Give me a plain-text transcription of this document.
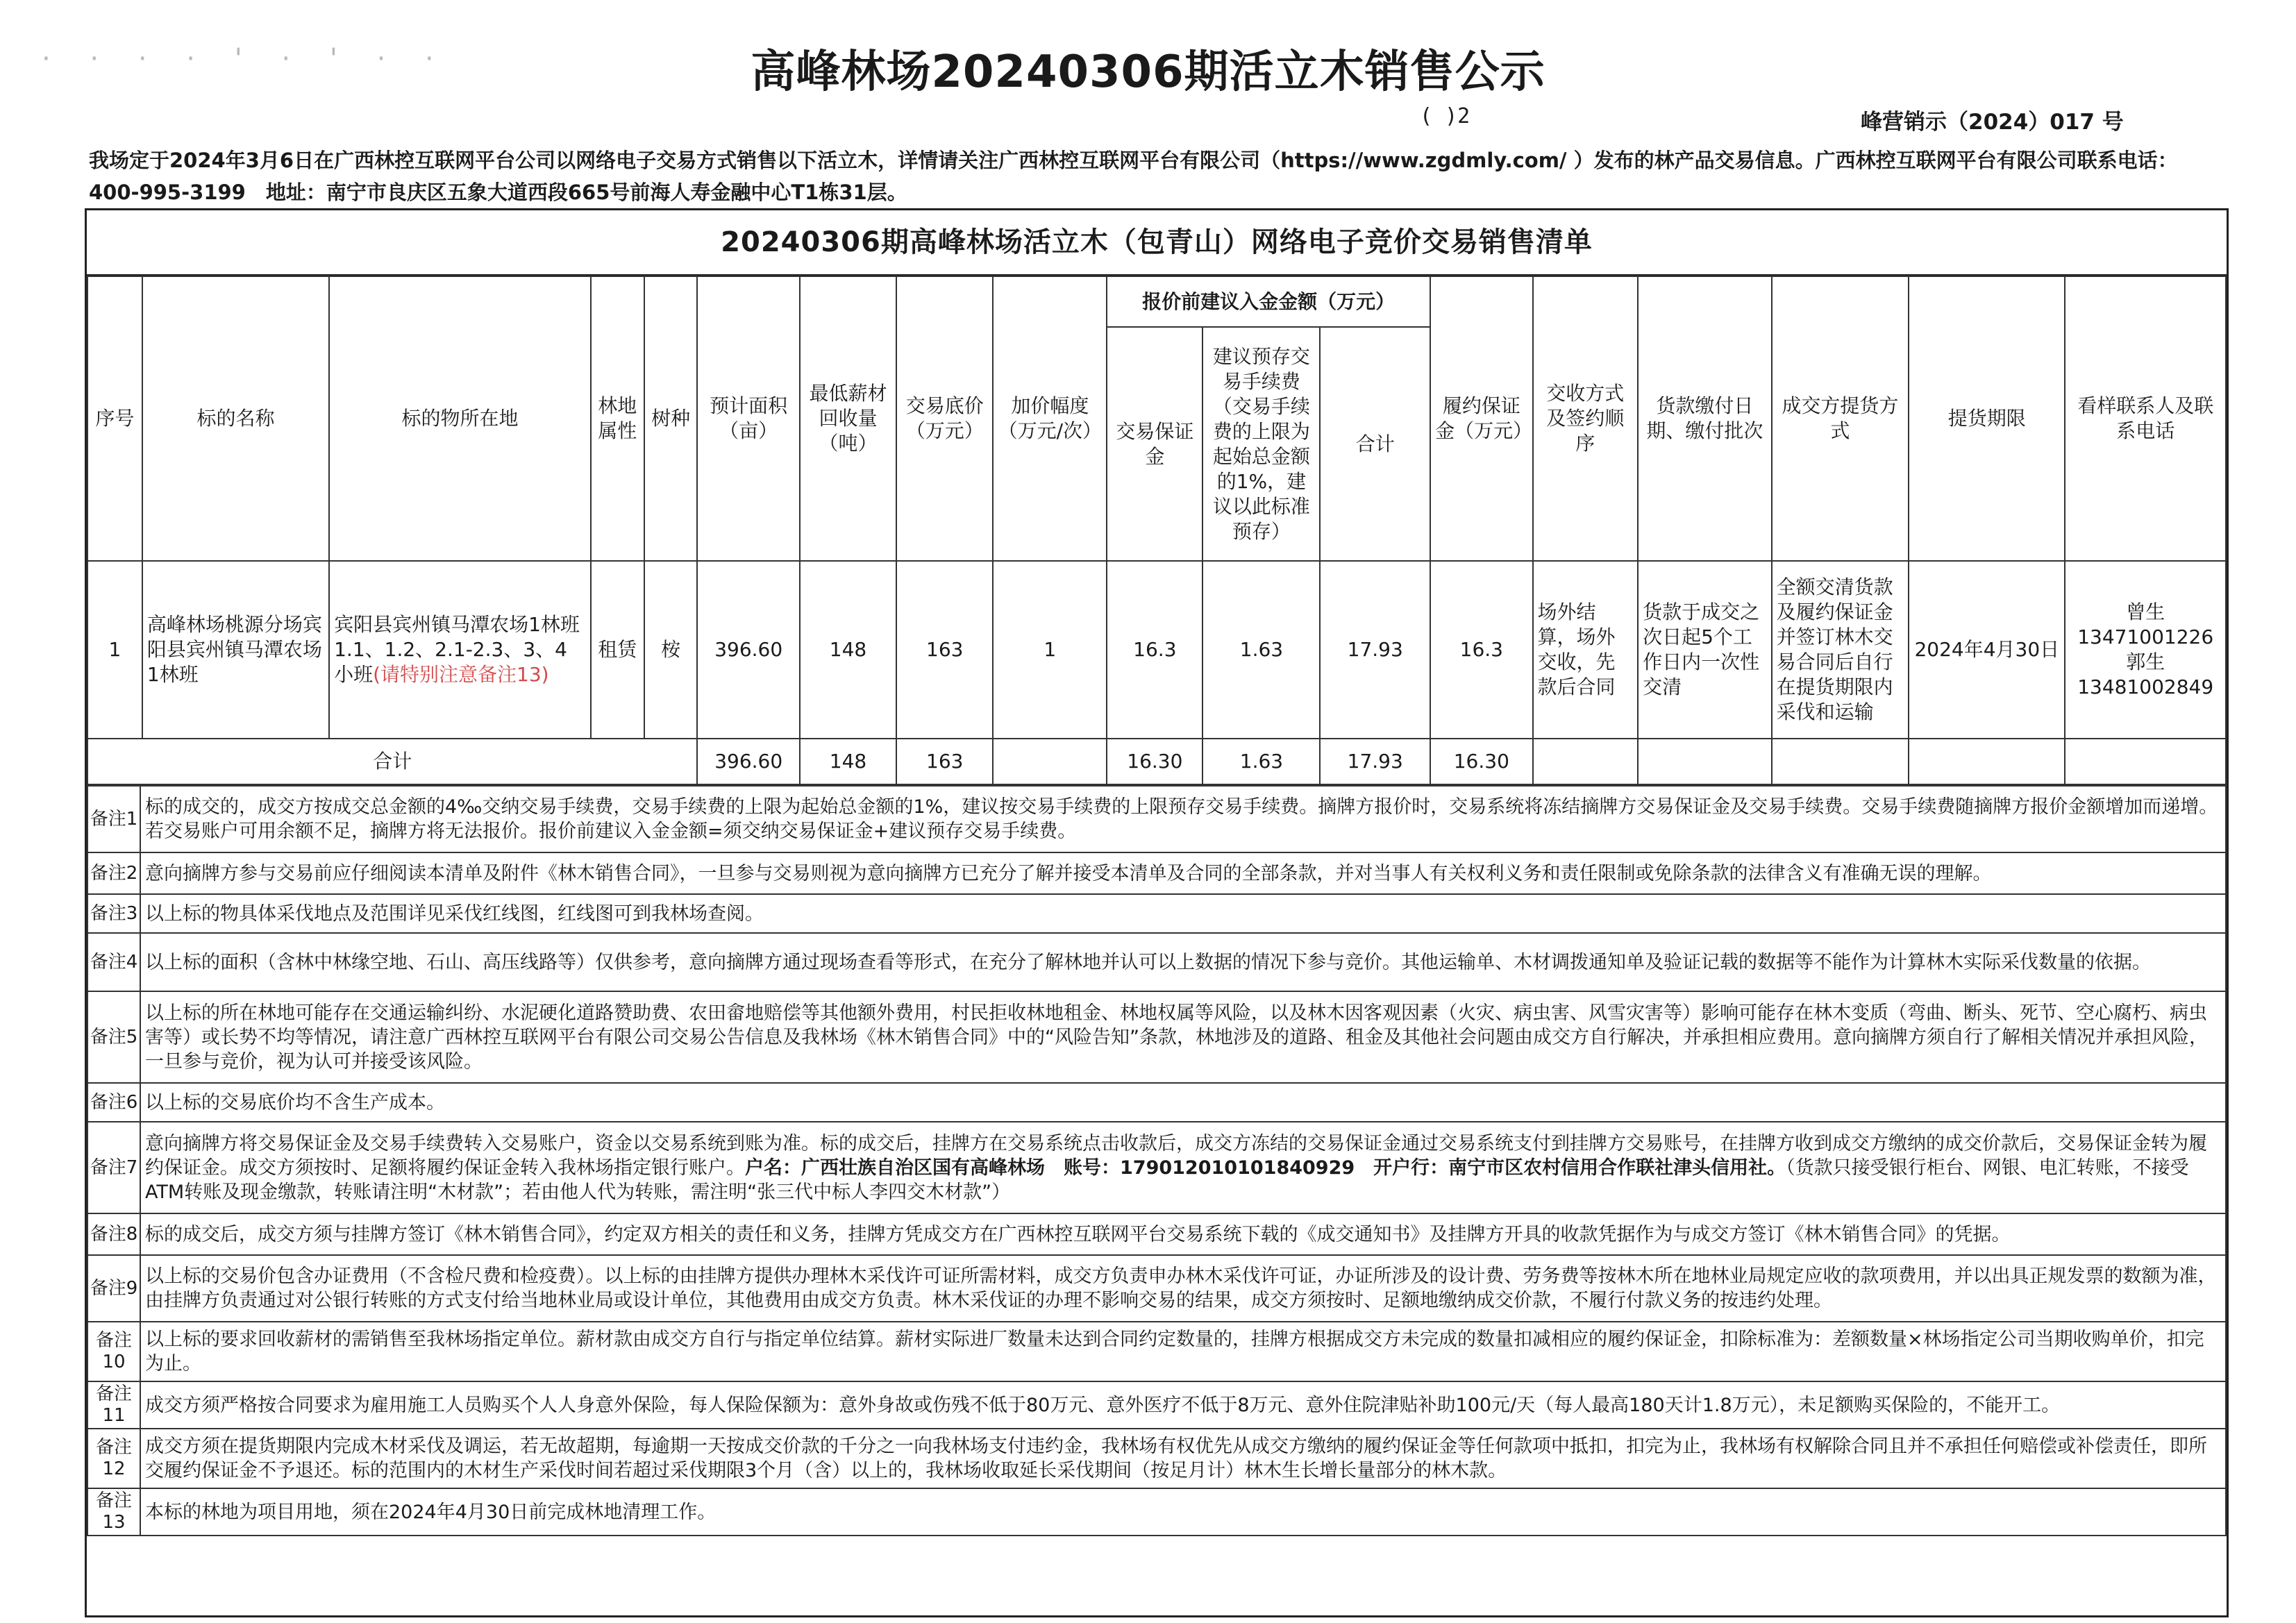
· · · · ' · ' · ·	高峰林场20240306期活立木销售公示
( )2	峰营销示（2024）017 号
我场定于2024年3月6日在广西林控互联网平台公司以网络电子交易方式销售以下活立木，详情请关注广西林控互联网平台有限公司（https://www.zgdmly.com/ ）发布的林产品交易信息。广西林控互联网平台有限公司联系电话：400-995-3199　地址：南宁市良庆区五象大道西段665号前海人寿金融中心T1栋31层。
20240306期高峰林场活立木（包青山）网络电子竞价交易销售清单
序号	标的名称	标的物所在地	林地属性	树种	预计面积（亩）	最低薪材回收量（吨）	交易底价（万元）	加价幅度（万元/次）	报价前建议入金金额（万元）			履约保证金（万元）	交收方式及签约顺序	货款缴付日期、缴付批次	成交方提货方式	提货期限	看样联系人及联系电话
									交易保证金	建议预存交易手续费（交易手续费的上限为起始总金额的1%，建议以此标准预存）	合计						
1	高峰林场桃源分场宾阳县宾州镇马潭农场1林班	宾阳县宾州镇马潭农场1林班1.1、1.2、2.1-2.3、3、4小班(请特别注意备注13)	租赁	桉	396.60	148	163	1	16.3	1.63	17.93	16.3	场外结算，场外交收，先款后合同	货款于成交之次日起5个工作日内一次性交清	全额交清货款及履约保证金并签订林木交易合同后自行在提货期限内采伐和运输	2024年4月30日	曾生
13471001226
郭生
13481002849

合计					396.60	148	163		16.30	1.63	17.93	16.30					
备注1	标的成交的，成交方按成交总金额的4‰交纳交易手续费，交易手续费的上限为起始总金额的1%，建议按交易手续费的上限预存交易手续费。摘牌方报价时，交易系统将冻结摘牌方交易保证金及交易手续费。交易手续费随摘牌方报价金额增加而递增。若交易账户可用余额不足，摘牌方将无法报价。报价前建议入金金额=须交纳交易保证金+建议预存交易手续费。
备注2	意向摘牌方参与交易前应仔细阅读本清单及附件《林木销售合同》，一旦参与交易则视为意向摘牌方已充分了解并接受本清单及合同的全部条款，并对当事人有关权利义务和责任限制或免除条款的法律含义有准确无误的理解。
备注3	以上标的物具体采伐地点及范围详见采伐红线图，红线图可到我林场查阅。
备注4	以上标的面积（含林中林缘空地、石山、高压线路等）仅供参考，意向摘牌方通过现场查看等形式，在充分了解林地并认可以上数据的情况下参与竞价。其他运输单、木材调拨通知单及验证记载的数据等不能作为计算林木实际采伐数量的依据。
备注5	以上标的所在林地可能存在交通运输纠纷、水泥硬化道路赞助费、农田畲地赔偿等其他额外费用，村民拒收林地租金、林地权属等风险，以及林木因客观因素（火灾、病虫害、风雪灾害等）影响可能存在林木变质（弯曲、断头、死节、空心腐朽、病虫害等）或长势不均等情况，请注意广西林控互联网平台有限公司交易公告信息及我林场《林木销售合同》中的“风险告知”条款，林地涉及的道路、租金及其他社会问题由成交方自行解决，并承担相应费用。意向摘牌方须自行了解相关情况并承担风险，一旦参与竞价，视为认可并接受该风险。
备注6	以上标的交易底价均不含生产成本。
备注7	意向摘牌方将交易保证金及交易手续费转入交易账户，资金以交易系统到账为准。标的成交后，挂牌方在交易系统点击收款后，成交方冻结的交易保证金通过交易系统支付到挂牌方交易账号，在挂牌方收到成交方缴纳的成交价款后，交易保证金转为履约保证金。成交方须按时、足额将履约保证金转入我林场指定银行账户。户名：广西壮族自治区国有高峰林场　账号：17901201010184092​9　开户行：南宁市区农村信用合作联社津头信用社。（货款只接受银行柜台、网银、电汇转账，不接受ATM转账及现金缴款，转账请注明“木材款”；若由他人代为转账，需注明“张三代中标人李四交木材款”）
备注8	标的成交后，成交方须与挂牌方签订《林木销售合同》，约定双方相关的责任和义务，挂牌方凭成交方在广西林控互联网平台交易系统下载的《成交通知书》及挂牌方开具的收款凭据作为与成交方签订《林木销售合同》的凭据。
备注9	以上标的交易价包含办证费用（不含检尺费和检疫费）。以上标的由挂牌方提供办理林木采伐许可证所需材料，成交方负责申办林木采伐许可证，办证所涉及的设计费、劳务费等按林木所在地林业局规定应收的款项费用，并以出具正规发票的数额为准，由挂牌方负责通过对公银行转账的方式支付给当地林业局或设计单位，其他费用由成交方负责。林木采伐证的办理不影响交易的结果，成交方须按时、足额地缴纳成交价款，不履行付款义务的按违约处理。
备注10	以上标的要求回收薪材的需销售至我林场指定单位。薪材款由成交方自行与指定单位结算。薪材实际进厂数量未达到合同约定数量的，挂牌方根据成交方未完成的数量扣减相应的履约保证金，扣除标准为：差额数量×林场指定公司当期收购单价，扣完为止。
备注11	成交方须严格按合同要求为雇用施工人员购买个人人身意外保险，每人保险保额为：意外身故或伤残不低于80万元、意外医疗不低于8万元、意外住院津贴补助100元/天（每人最高180天计1.8万元），未足额购买保险的，不能开工。
备注12	成交方须在提货期限内完成木材采伐及调运，若无故超期，每逾期一天按成交价款的千分之一向我林场支付违约金，我林场有权优先从成交方缴纳的履约保证金等任何款项中抵扣，扣完为止，我林场有权解除合同且并不承担任何赔偿或补偿责任，即所交履约保证金不予退还。标的范围内的木材生产采伐时间若超过采伐期限3个月（含）以上的，我林场收取延长采伐期间（按足月计）林木生长增长量部分的林木款。
备注13	本标的林地为项目用地，须在2024年4月30日前完成林地清理工作。
